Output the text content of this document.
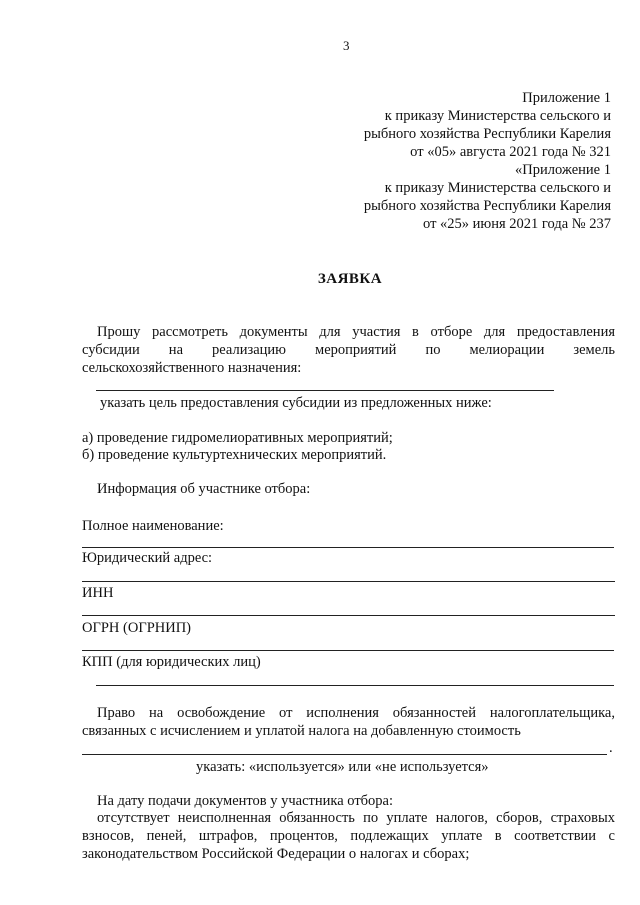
3
Приложение 1
к приказу Министерства сельского и
рыбного хозяйства Республики Карелия
от «05» августа 2021 года № 321
«Приложение 1
к приказу Министерства сельского и
рыбного хозяйства Республики Карелия
от «25» июня 2021 года № 237
ЗАЯВКА
Прошу рассмотреть документы для участия в отборе для предоставления
субсидии на реализацию мероприятий по мелиорации земель
сельскохозяйственного назначения:
указать цель предоставления субсидии из предложенных ниже:
а) проведение гидромелиоративных мероприятий;
б) проведение культуртехнических мероприятий.
Информация об участнике отбора:
Полное наименование:
Юридический адрес:
ИНН
ОГРН (ОГРНИП)
КПП (для юридических лиц)
Право на освобождение от исполнения обязанностей налогоплательщика,
связанных с исчислением и уплатой налога на добавленную стоимость
.
указать: «используется» или «не используется»
На дату подачи документов у участника отбора:
отсутствует неисполненная обязанность по уплате налогов, сборов, страховых
взносов, пеней, штрафов, процентов, подлежащих уплате в соответствии с
законодательством Российской Федерации о налогах и сборах;
